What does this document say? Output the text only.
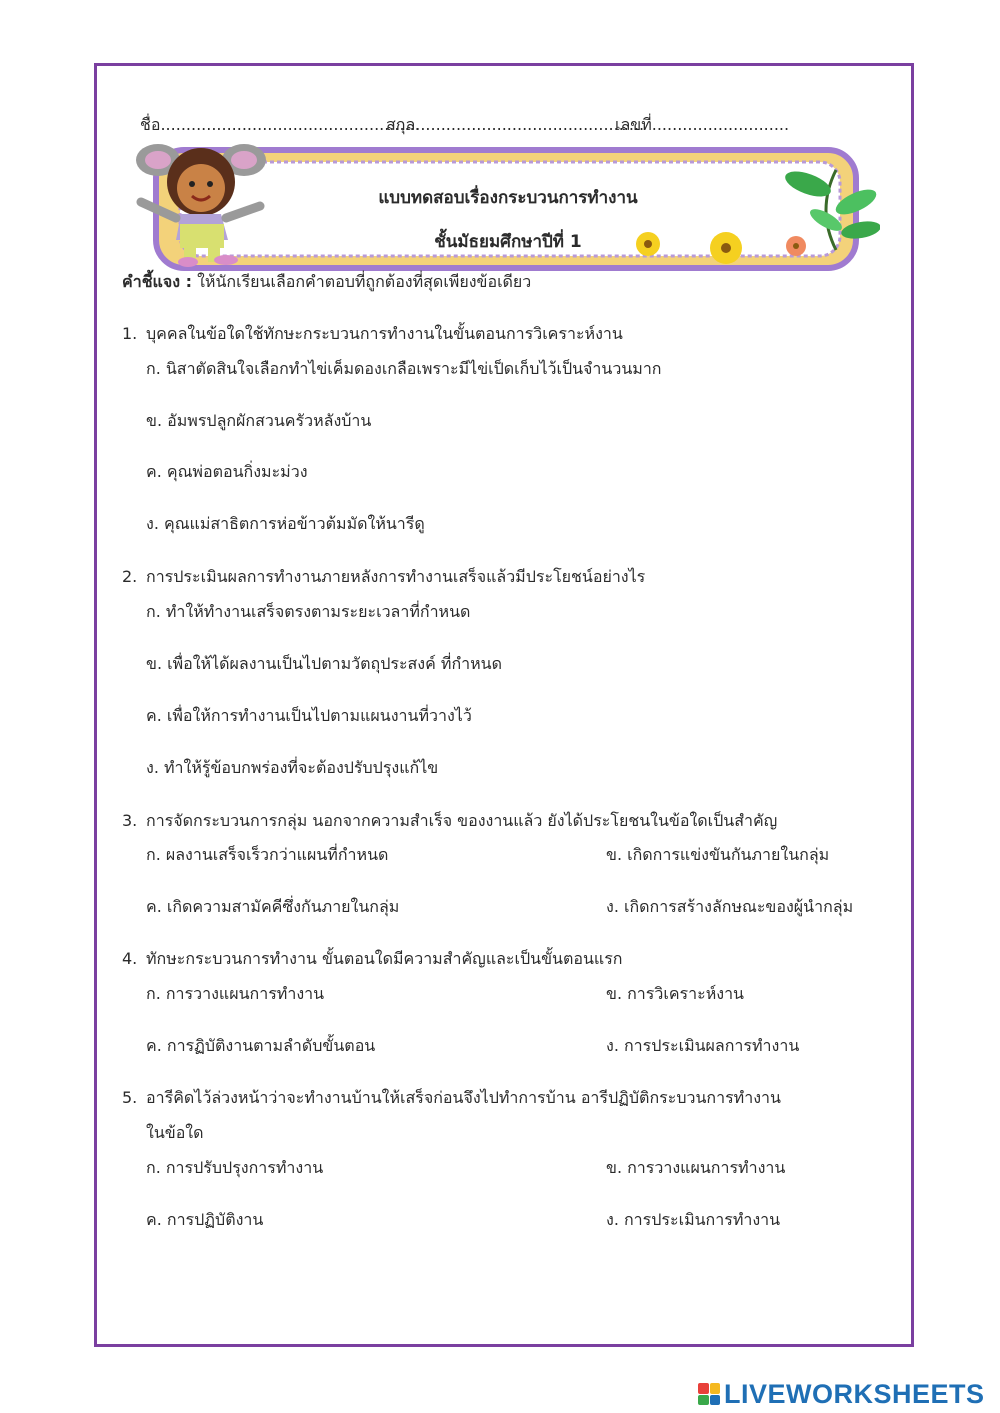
ชื่อ...................................................
สกุล.............................................
เลขที่...........................
แบบทดสอบเรื่องกระบวนการทำงาน
ชั้นมัธยมศึกษาปีที่ 1
คำชี้แจง : ให้นักเรียนเลือกคำตอบที่ถูกต้องที่สุดเพียงข้อเดียว
1. บุคคลในข้อใดใช้ทักษะกระบวนการทำงานในขั้นตอนการวิเคราะห์งาน
ก. นิสาตัดสินใจเลือกทำไข่เค็มดองเกลือเพราะมีไข่เป็ดเก็บไว้เป็นจำนวนมาก
ข. อัมพรปลูกผักสวนครัวหลังบ้าน
ค. คุณพ่อตอนกิ่งมะม่วง
ง. คุณแม่สาธิตการห่อข้าวต้มมัดให้นารีดู
2. การประเมินผลการทำงานภายหลังการทำงานเสร็จแล้วมีประโยชน์อย่างไร
ก. ทำให้ทำงานเสร็จตรงตามระยะเวลาที่กำหนด
ข. เพื่อให้ได้ผลงานเป็นไปตามวัตถุประสงค์ ที่กำหนด
ค. เพื่อให้การทำงานเป็นไปตามแผนงานที่วางไว้
ง. ทำให้รู้ข้อบกพร่องที่จะต้องปรับปรุงแก้ไข
3. การจัดกระบวนการกลุ่ม นอกจากความสำเร็จ ของงานแล้ว ยังได้ประโยชนในข้อใดเป็นสำคัญ
ก. ผลงานเสร็จเร็วกว่าแผนที่กำหนด	ข. เกิดการแข่งขันกันภายในกลุ่ม
ค. เกิดความสามัคคีซึ่งกันภายในกลุ่ม	ง. เกิดการสร้างลักษณะของผู้นำกลุ่ม
4. ทักษะกระบวนการทำงาน ขั้นตอนใดมีความสำคัญและเป็นขั้นตอนแรก
ก. การวางแผนการทำงาน	ข. การวิเคราะห์งาน
ค. การฏิบัติงานตามลำดับขั้นตอน	ง. การประเมินผลการทำงาน
5. อารีคิดไว้ล่วงหน้าว่าจะทำงานบ้านให้เสร็จก่อนจึงไปทำการบ้าน อารีปฏิบัติกระบวนการทำงาน
ในข้อใด
ก. การปรับปรุงการทำงาน	ข. การวางแผนการทำงาน
ค. การปฏิบัติงาน	ง. การประเมินการทำงาน
LIVEWORKSHEETS
